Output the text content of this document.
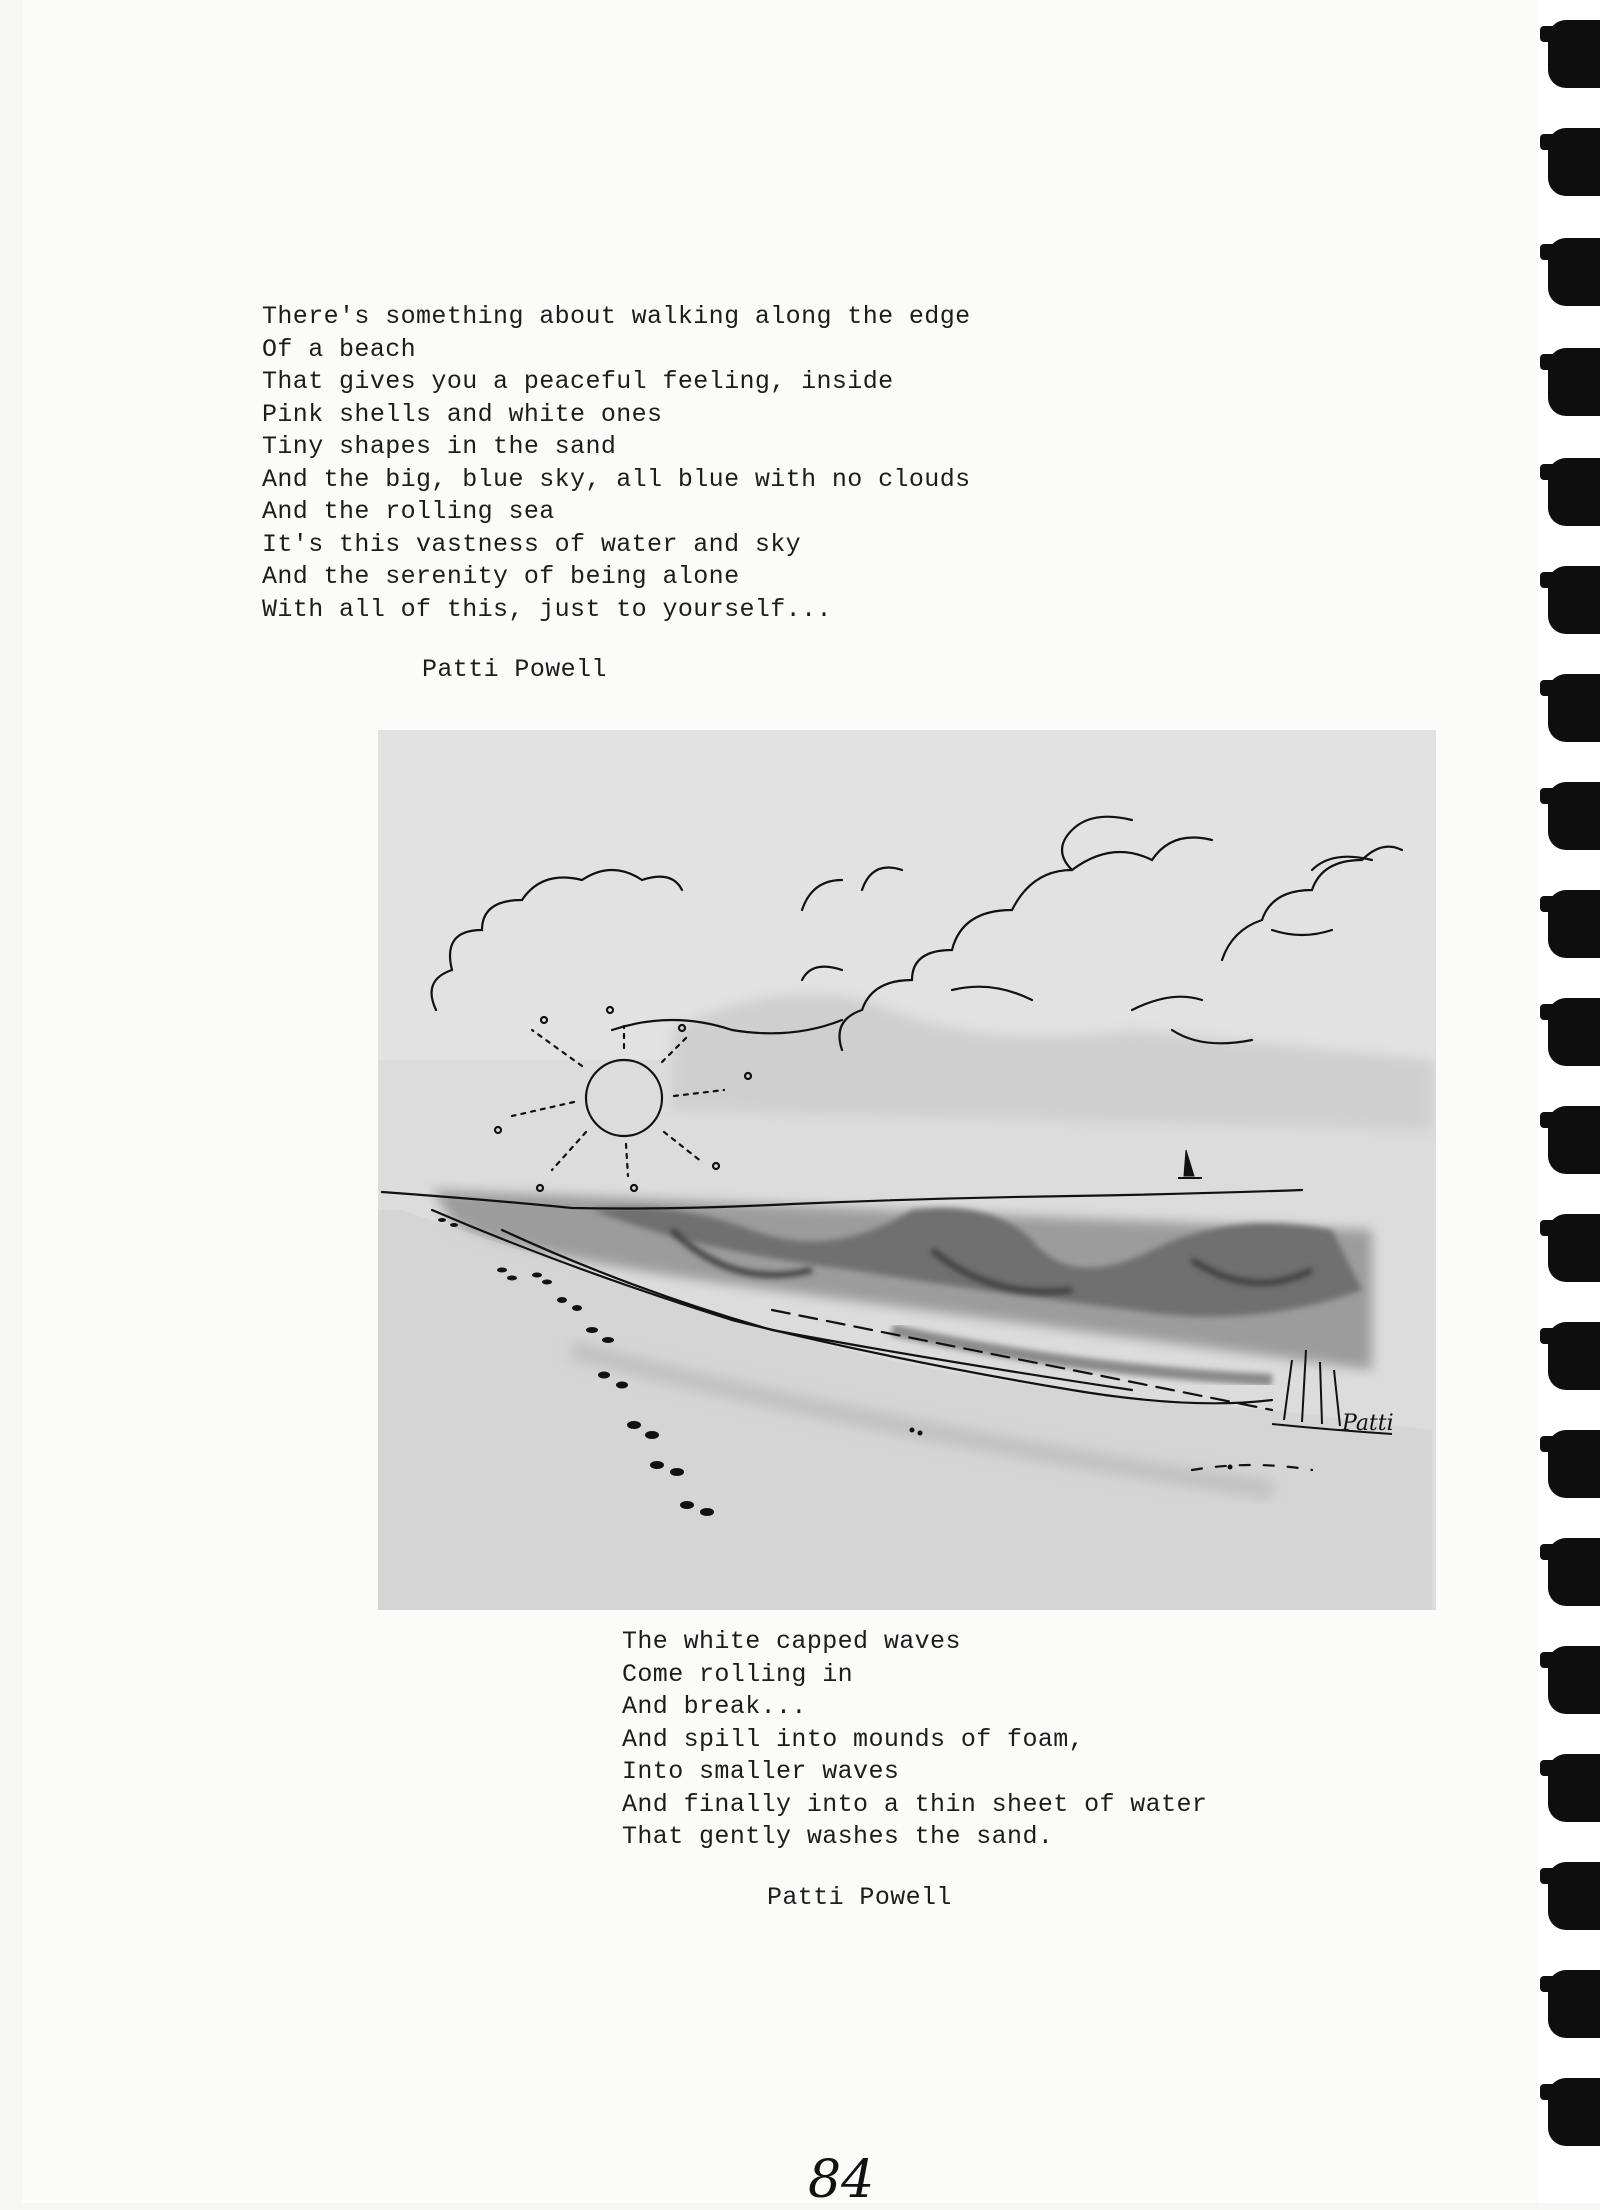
There's something about walking along the edge
Of a beach
That gives you a peaceful feeling, inside
Pink shells and white ones
Tiny shapes in the sand
And the big, blue sky, all blue with no clouds
And the rolling sea
It's this vastness of water and sky
And the serenity of being alone
With all of this, just to yourself...
Patti Powell
Patti
The white capped waves
Come rolling in
And break...
And spill into mounds of foam,
Into smaller waves
And finally into a thin sheet of water
That gently washes the sand.
Patti Powell
84
